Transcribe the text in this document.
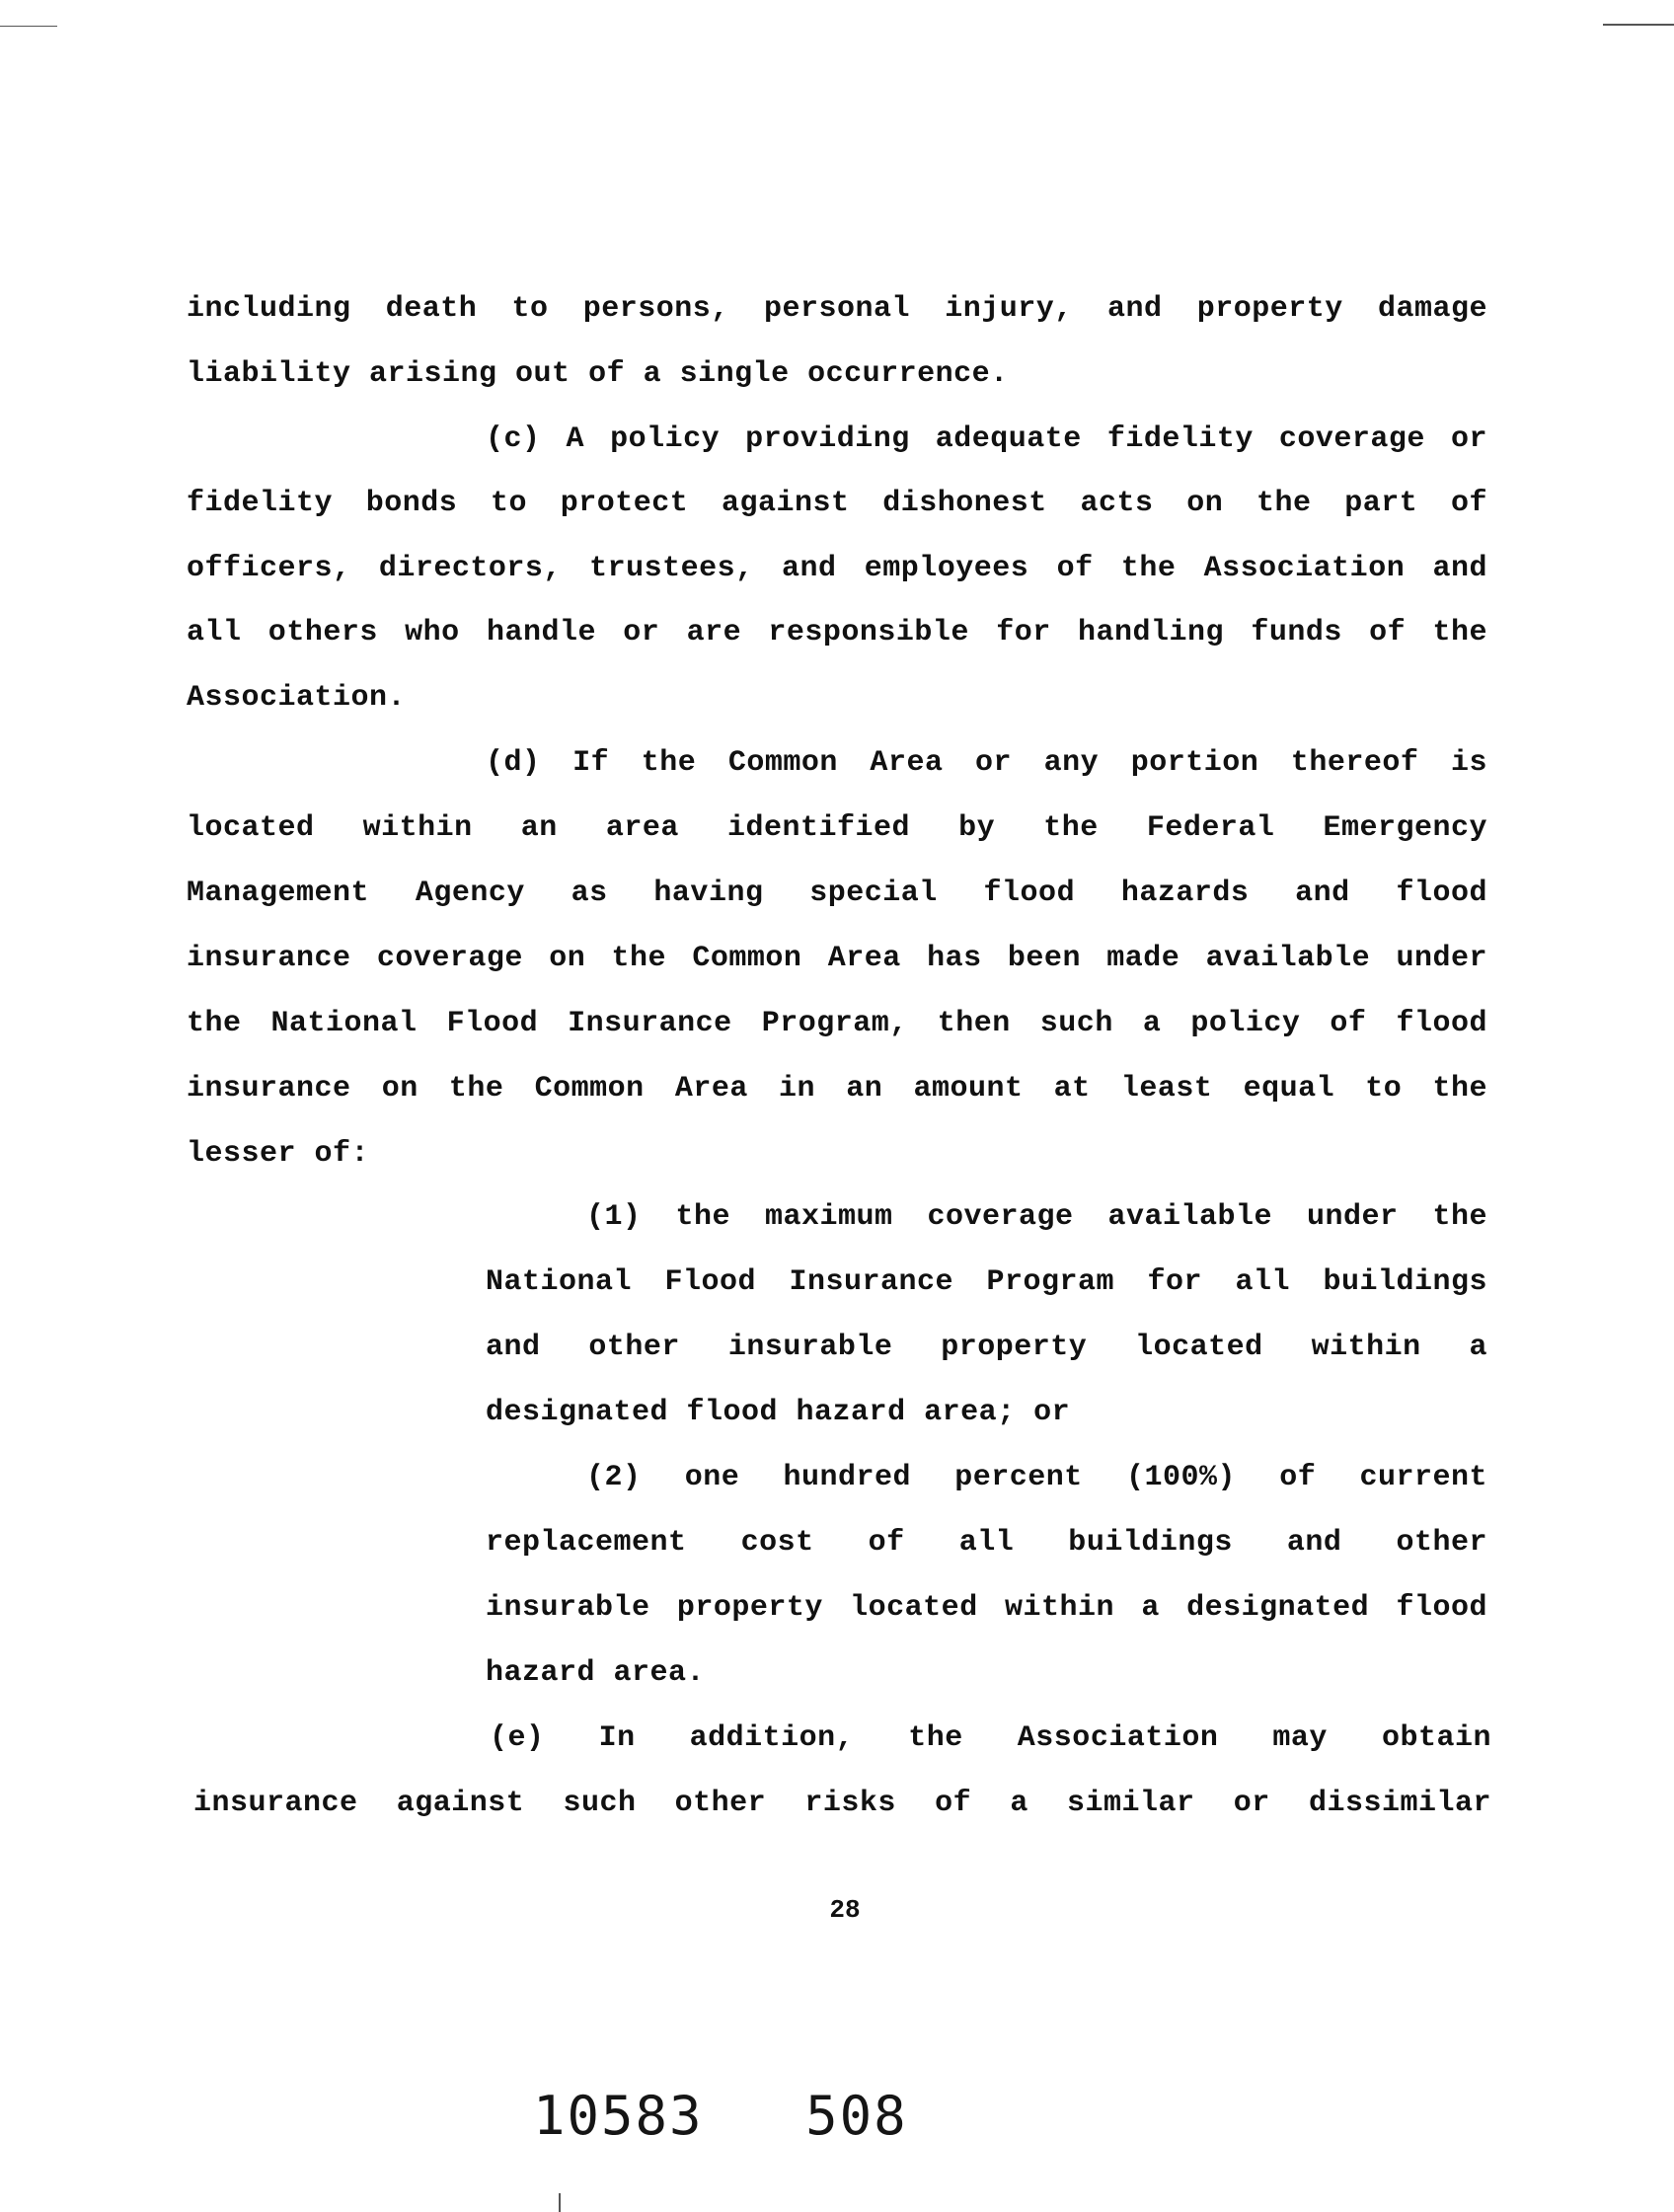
including death to persons, personal injury, and property damage
liability arising out of a single occurrence.
(c) A policy providing adequate fidelity coverage or
fidelity bonds to protect against dishonest acts on the part of
officers, directors, trustees, and employees of the Association and
all others who handle or are responsible for handling funds of the
Association.
(d) If the Common Area or any portion thereof is
located within an area identified by the Federal Emergency
Management Agency as having special flood hazards and flood
insurance coverage on the Common Area has been made available under
the National Flood Insurance Program, then such a policy of flood
insurance on the Common Area in an amount at least equal to the
lesser of:
(1) the maximum coverage available under the
National Flood Insurance Program for all buildings
and other insurable property located within a
designated flood hazard area; or
(2) one hundred percent (100%) of current
replacement cost of all buildings and other
insurable property located within a designated flood
hazard area.
(e) In addition, the Association may obtain
insurance against such other risks of a similar or dissimilar
28
10583   508
